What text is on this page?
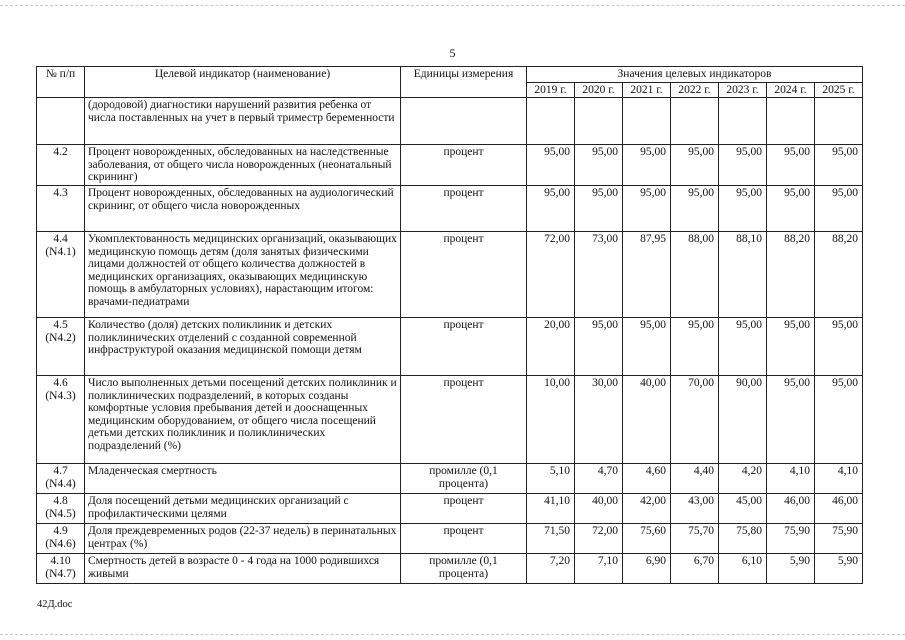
5
№ п/п	Целевой индикатор (наименование)	Единицы измерения	Значения целевых индикаторов						
			2019 г.	2020 г.	2021 г.	2022 г.	2023 г.	2024 г.	2025 г.
	(дородовой) диагностики нарушений развития ребенка от числа поставленных на учет в первый триместр беременности								
4.2	Процент новорожденных, обследованных на наследственные заболевания, от общего числа новорожденных (неонатальный скрининг)	процент	95,00	95,00	95,00	95,00	95,00	95,00	95,00
4.3	Процент новорожденных, обследованных на аудиологический скрининг, от общего числа новорожденных	процент	95,00	95,00	95,00	95,00	95,00	95,00	95,00
4.4 (N4.1)	Укомплектованность медицинских организаций, оказывающих медицинскую помощь детям (доля занятых физическими лицами должностей от общего количества должностей в медицинских организациях, оказывающих медицинскую помощь в амбулаторных условиях), нарастающим итогом: врачами-педиатрами	процент	72,00	73,00	87,95	88,00	88,10	88,20	88,20
4.5 (N4.2)	Количество (доля) детских поликлиник и детских поликлинических отделений с созданной современной инфраструктурой оказания медицинской помощи детям	процент	20,00	95,00	95,00	95,00	95,00	95,00	95,00
4.6 (N4.3)	Число выполненных детьми посещений детских поликлиник и поликлинических подразделений, в которых созданы комфортные условия пребывания детей и дооснащенных медицинским оборудованием, от общего числа посещений детьми детских поликлиник и поликлинических подразделений (%)	процент	10,00	30,00	40,00	70,00	90,00	95,00	95,00
4.7 (N4.4)	Младенческая смертность	промилле (0,1 процента)	5,10	4,70	4,60	4,40	4,20	4,10	4,10
4.8 (N4.5)	Доля посещений детьми медицинских организаций с профилактическими целями	процент	41,10	40,00	42,00	43,00	45,00	46,00	46,00
4.9 (N4.6)	Доля преждевременных родов (22-37 недель) в перинатальных центрах (%)	процент	71,50	72,00	75,60	75,70	75,80	75,90	75,90
4.10 (N4.7)	Смертность детей в возрасте 0 - 4 года на 1000 родившихся живыми	промилле (0,1 процента)	7,20	7,10	6,90	6,70	6,10	5,90	5,90
42Д.doc
